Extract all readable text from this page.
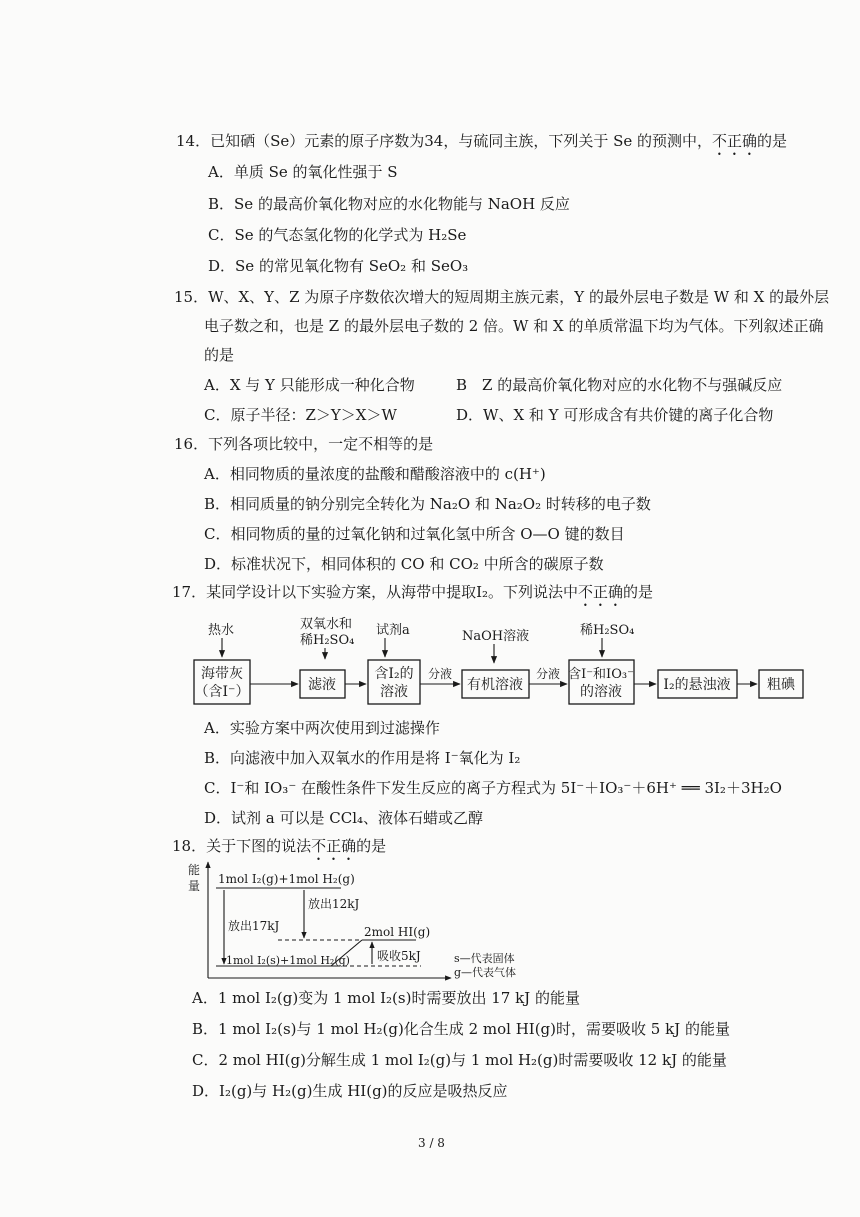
14．已知硒（Se）元素的原子序数为34，与硫同主族，下列关于 Se 的预测中，不正确的是
A．单质 Se 的氧化性强于 S
B．Se 的最高价氧化物对应的水化物能与 NaOH 反应
C．Se 的气态氢化物的化学式为 H₂Se
D．Se 的常见氧化物有 SeO₂ 和 SeO₃
15．W、X、Y、Z 为原子序数依次增大的短周期主族元素，Y 的最外层电子数是 W 和 X 的最外层
电子数之和，也是 Z 的最外层电子数的 2 倍。W 和 X 的单质常温下均为气体。下列叙述正确
的是
A．X 与 Y 只能形成一种化合物	B　Z 的最高价氧化物对应的水化物不与强碱反应
C．原子半径：Z＞Y＞X＞W	D．W、X 和 Y 可形成含有共价键的离子化合物
16．下列各项比较中，一定不相等的是
A．相同物质的量浓度的盐酸和醋酸溶液中的 c(H⁺)
B．相同质量的钠分别完全转化为 Na₂O 和 Na₂O₂ 时转移的电子数
C．相同物质的量的过氧化钠和过氧化氢中所含 O—O 键的数目
D．标准状况下，相同体积的 CO 和 CO₂ 中所含的碳原子数
17．某同学设计以下实验方案，从海带中提取I₂。下列说法中不正确的是
热水	双氧水和
稀H₂SO₄
试剂a	NaOH溶液	稀H₂SO₄
海带灰
（含I⁻）	滤液
含I₂的
溶液	有机溶液
含I⁻和IO₃⁻
的溶液	I₂的悬浊液	粗碘
分液	分液
A．实验方案中两次使用到过滤操作
B．向滤液中加入双氧水的作用是将 I⁻氧化为 I₂
C．I⁻和 IO₃⁻ 在酸性条件下发生反应的离子方程式为 5I⁻＋IO₃⁻＋6H⁺ ══ 3I₂＋3H₂O
D．试剂 a 可以是 CCl₄、液体石蜡或乙醇
18．关于下图的说法不正确的是
能
量 1mol I₂(g)+1mol H₂(g)
放出17kJ
放出12kJ
2mol HI(g)
1mol I₂(s)+1mol H₂(g) 吸收5kJ	s—代表固体
g—代表气体
A．1 mol I₂(g)变为 1 mol I₂(s)时需要放出 17 kJ 的能量
B．1 mol I₂(s)与 1 mol H₂(g)化合生成 2 mol HI(g)时，需要吸收 5 kJ 的能量
C．2 mol HI(g)分解生成 1 mol I₂(g)与 1 mol H₂(g)时需要吸收 12 kJ 的能量
D．I₂(g)与 H₂(g)生成 HI(g)的反应是吸热反应
3 / 8
